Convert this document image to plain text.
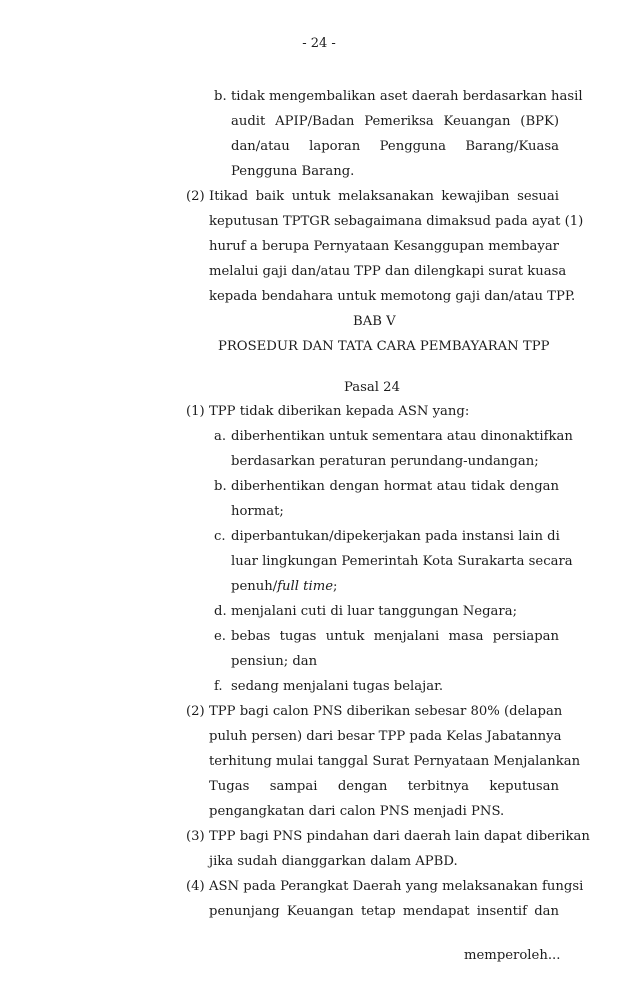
- 24 -
b. tidak mengembalikan aset daerah berdasarkan hasil
audit APIP/Badan Pemeriksa Keuangan (BPK)
dan/atau laporan Pengguna Barang/Kuasa
Pengguna Barang.
(2) Itikad baik untuk melaksanakan kewajiban sesuai
keputusan TPTGR sebagaimana dimaksud pada ayat (1)
huruf a berupa Pernyataan Kesanggupan membayar
melalui gaji dan/atau TPP dan dilengkapi surat kuasa
kepada bendahara untuk memotong gaji dan/atau TPP.
BAB V
PROSEDUR DAN TATA CARA PEMBAYARAN TPP
Pasal 24
(1) TPP tidak diberikan kepada ASN yang:
a. diberhentikan untuk sementara atau dinonaktifkan
berdasarkan peraturan perundang-undangan;
b. diberhentikan dengan hormat atau tidak dengan
hormat;
c. diperbantukan/dipekerjakan pada instansi lain di
luar lingkungan Pemerintah Kota Surakarta secara
penuh/full time;
d. menjalani cuti di luar tanggungan Negara;
e. bebas tugas untuk menjalani masa persiapan
pensiun; dan
f. sedang menjalani tugas belajar.
(2) TPP bagi calon PNS diberikan sebesar 80% (delapan
puluh persen) dari besar TPP pada Kelas Jabatannya
terhitung mulai tanggal Surat Pernyataan Menjalankan
Tugas sampai dengan terbitnya keputusan
pengangkatan dari calon PNS menjadi PNS.
(3) TPP bagi PNS pindahan dari daerah lain dapat diberikan
jika sudah dianggarkan dalam APBD.
(4) ASN pada Perangkat Daerah yang melaksanakan fungsi
penunjang Keuangan tetap mendapat insentif dan
memperoleh...
